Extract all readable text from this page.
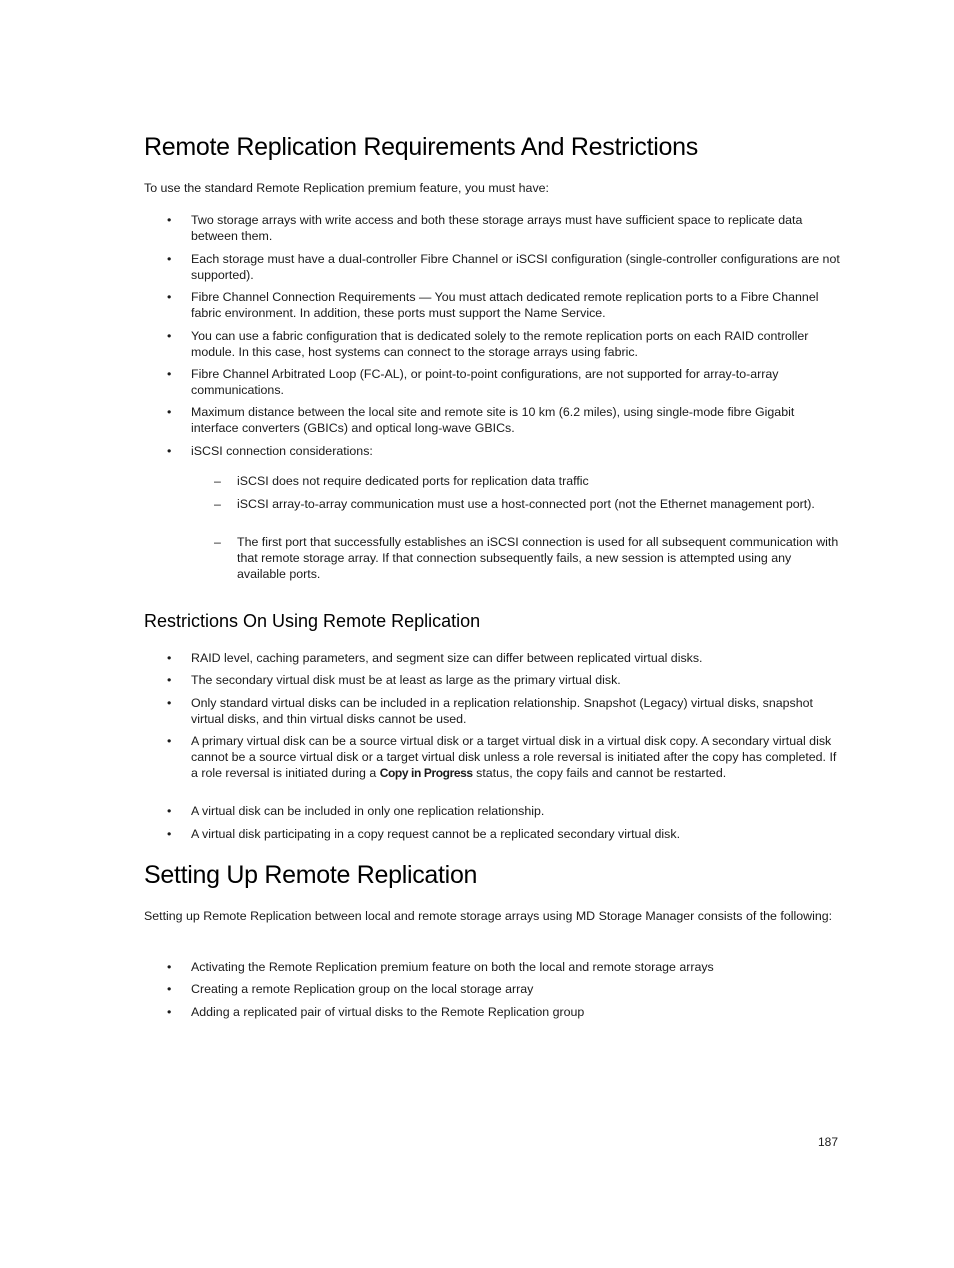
Remote Replication Requirements And Restrictions

To use the standard Remote Replication premium feature, you must have:

•	Two storage arrays with write access and both these storage arrays must have sufficient space to replicate data between them.
•	Each storage must have a dual-controller Fibre Channel or iSCSI configuration (single-controller configurations are not supported).
•	Fibre Channel Connection Requirements — You must attach dedicated remote replication ports to a Fibre Channel fabric environment. In addition, these ports must support the Name Service.
•	You can use a fabric configuration that is dedicated solely to the remote replication ports on each RAID controller module. In this case, host systems can connect to the storage arrays using fabric.
•	Fibre Channel Arbitrated Loop (FC-AL), or point-to-point configurations, are not supported for array-to-array communications.
•	Maximum distance between the local site and remote site is 10 km (6.2 miles), using single-mode fibre Gigabit interface converters (GBICs) and optical long-wave GBICs.
•	iSCSI connection considerations:
– iSCSI does not require dedicated ports for replication data traffic
– iSCSI array-to-array communication must use a host-connected port (not the Ethernet management port).
– The first port that successfully establishes an iSCSI connection is used for all subsequent communication with that remote storage array. If that connection subsequently fails, a new session is attempted using any available ports.
Restrictions On Using Remote Replication
•	RAID level, caching parameters, and segment size can differ between replicated virtual disks.
•	The secondary virtual disk must be at least as large as the primary virtual disk.
•	Only standard virtual disks can be included in a replication relationship. Snapshot (Legacy) virtual disks, snapshot virtual disks, and thin virtual disks cannot be used.
•	A primary virtual disk can be a source virtual disk or a target virtual disk in a virtual disk copy. A secondary virtual disk cannot be a source virtual disk or a target virtual disk unless a role reversal is initiated after the copy has completed. If a role reversal is initiated during a Copy in Progress status, the copy fails and cannot be restarted.
•	A virtual disk can be included in only one replication relationship.
•	A virtual disk participating in a copy request cannot be a replicated secondary virtual disk.
Setting Up Remote Replication

Setting up Remote Replication between local and remote storage arrays using MD Storage Manager consists of the following:

•	Activating the Remote Replication premium feature on both the local and remote storage arrays
•	Creating a remote Replication group on the local storage array
•	Adding a replicated pair of virtual disks to the Remote Replication group
187
